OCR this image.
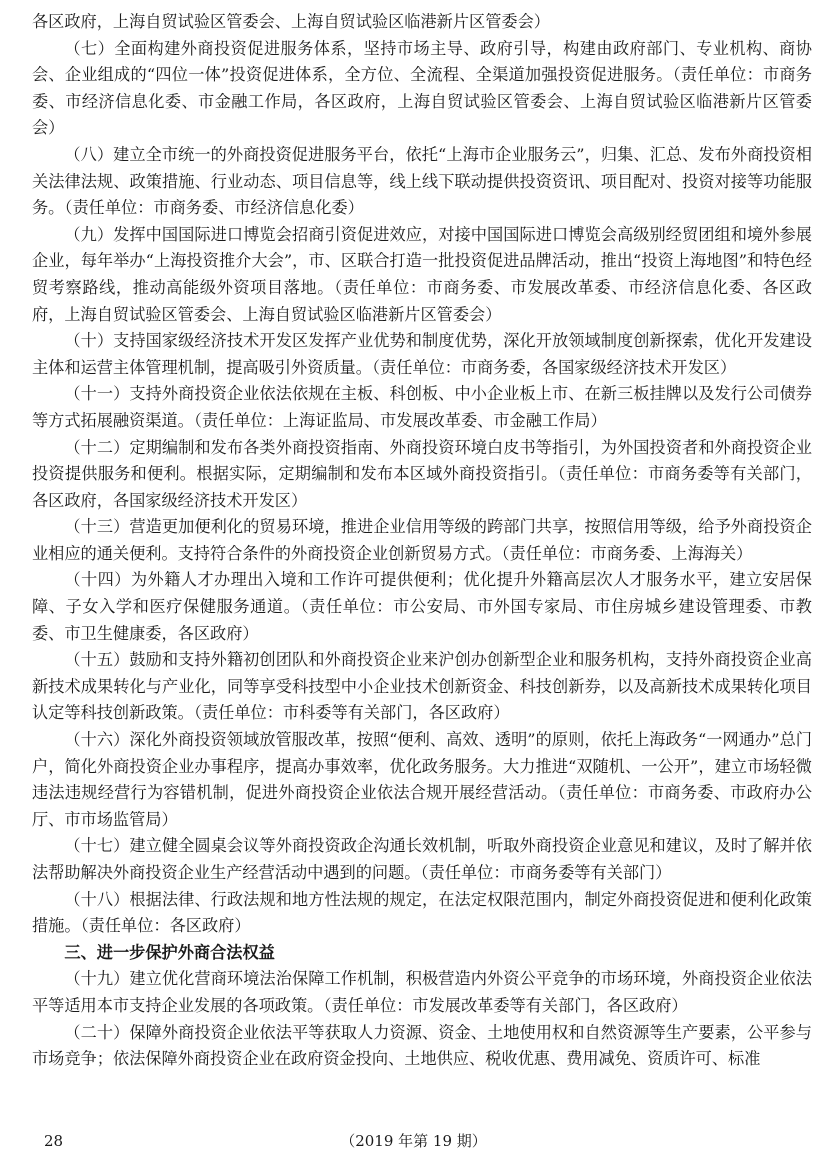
各区政府，上海自贸试验区管委会、上海自贸试验区临港新片区管委会）

（七）全面构建外商投资促进服务体系，坚持市场主导、政府引导，构建由政府部门、专业机构、商协会、企业组成的“四位一体”投资促进体系，全方位、全流程、全渠道加强投资促进服务。（责任单位：市商务委、市经济信息化委、市金融工作局，各区政府，上海自贸试验区管委会、上海自贸试验区临港新片区管委会）

（八）建立全市统一的外商投资促进服务平台，依托“上海市企业服务云”，归集、汇总、发布外商投资相关法律法规、政策措施、行业动态、项目信息等，线上线下联动提供投资资讯、项目配对、投资对接等功能服务。（责任单位：市商务委、市经济信息化委）

（九）发挥中国国际进口博览会招商引资促进效应，对接中国国际进口博览会高级别经贸团组和境外参展企业，每年举办“上海投资推介大会”，市、区联合打造一批投资促进品牌活动，推出“投资上海地图”和特色经贸考察路线，推动高能级外资项目落地。（责任单位：市商务委、市发展改革委、市经济信息化委、各区政府，上海自贸试验区管委会、上海自贸试验区临港新片区管委会）

（十）支持国家级经济技术开发区发挥产业优势和制度优势，深化开放领域制度创新探索，优化开发建设主体和运营主体管理机制，提高吸引外资质量。（责任单位：市商务委，各国家级经济技术开发区）

（十一）支持外商投资企业依法依规在主板、科创板、中小企业板上市、在新三板挂牌以及发行公司债券等方式拓展融资渠道。（责任单位：上海证监局、市发展改革委、市金融工作局）

（十二）定期编制和发布各类外商投资指南、外商投资环境白皮书等指引，为外国投资者和外商投资企业投资提供服务和便利。根据实际，定期编制和发布本区域外商投资指引。（责任单位：市商务委等有关部门，各区政府，各国家级经济技术开发区）

（十三）营造更加便利化的贸易环境，推进企业信用等级的跨部门共享，按照信用等级，给予外商投资企业相应的通关便利。支持符合条件的外商投资企业创新贸易方式。（责任单位：市商务委、上海海关）

（十四）为外籍人才办理出入境和工作许可提供便利；优化提升外籍高层次人才服务水平，建立安居保障、子女入学和医疗保健服务通道。（责任单位：市公安局、市外国专家局、市住房城乡建设管理委、市教委、市卫生健康委，各区政府）

（十五）鼓励和支持外籍初创团队和外商投资企业来沪创办创新型企业和服务机构，支持外商投资企业高新技术成果转化与产业化，同等享受科技型中小企业技术创新资金、科技创新券，以及高新技术成果转化项目认定等科技创新政策。（责任单位：市科委等有关部门，各区政府）

（十六）深化外商投资领域放管服改革，按照“便利、高效、透明”的原则，依托上海政务“一网通办”总门户，简化外商投资企业办事程序，提高办事效率，优化政务服务。大力推进“双随机、一公开”，建立市场轻微违法违规经营行为容错机制，促进外商投资企业依法合规开展经营活动。（责任单位：市商务委、市政府办公厅、市市场监管局）

（十七）建立健全圆桌会议等外商投资政企沟通长效机制，听取外商投资企业意见和建议，及时了解并依法帮助解决外商投资企业生产经营活动中遇到的问题。（责任单位：市商务委等有关部门）

（十八）根据法律、行政法规和地方性法规的规定，在法定权限范围内，制定外商投资促进和便利化政策措施。（责任单位：各区政府）

三、进一步保护外商合法权益

（十九）建立优化营商环境法治保障工作机制，积极营造内外资公平竞争的市场环境，外商投资企业依法平等适用本市支持企业发展的各项政策。（责任单位：市发展改革委等有关部门，各区政府）

（二十）保障外商投资企业依法平等获取人力资源、资金、土地使用权和自然资源等生产要素，公平参与市场竞争；依法保障外商投资企业在政府资金投向、土地供应、税收优惠、费用减免、资质许可、标准

28	（2019 年第 19 期）
